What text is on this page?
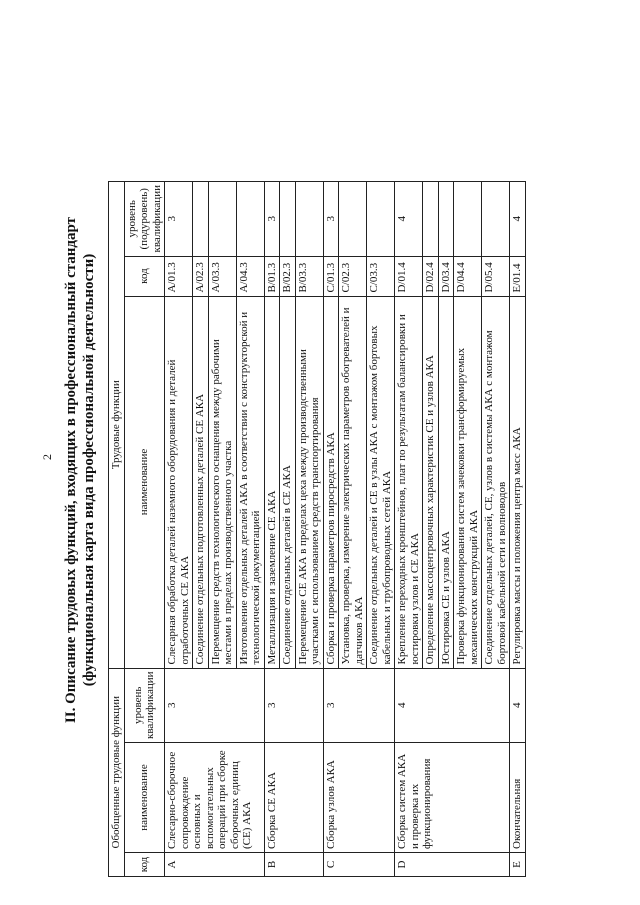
2 II. Описание трудовых функций, входящих в профессиональный стандарт (функциональная карта вида профессиональной деятельности)
Обобщенные трудовые функции			Трудовые функции		
код	наименование	уровень квалификации	наименование	код	уровень (подуровень) квалификации
A	Слесарно-сборочное сопровождение основных и вспомогательных операций при сборке сборочных единиц (СЕ) АКА	3	Слесарная обработка деталей наземного оборудования и деталей отработочных СЕ АКА	A/01.3	3
			Соединение отдельных подготовленных деталей СЕ АКА	A/02.3	
			Перемещение средств технологического оснащения между рабочими местами в пределах производственного участка	A/03.3	
			Изготовление отдельных деталей АКА в соответствии с конструкторской и технологической документацией	A/04.3	
B	Сборка СЕ АКА	3	Металлизация и заземление СЕ АКА	B/01.3	3
			Соединение отдельных деталей в СЕ АКА	B/02.3	
			Перемещение СЕ АКА в пределах цеха между производственными участками с использованием средств транспортирования	B/03.3	
C	Сборка узлов АКА	3	Сборка и проверка параметров пиросредств АКА	C/01.3	3
			Установка, проверка, измерение электрических параметров обогревателей и датчиков АКА	C/02.3	
			Соединение отдельных деталей и СЕ в узлы АКА с монтажом бортовых кабельных и трубопроводных сетей АКА	C/03.3	
D	Сборка систем АКА и проверка их функционирования	4	Крепление переходных кронштейнов, плат по результатам балансировки и юстировки узлов и СЕ АКА	D/01.4	4
			Определение массоцентровочных характеристик СЕ и узлов АКА	D/02.4	
			Юстировка СЕ и узлов АКА	D/03.4	
			Проверка функционирования систем зачековки трансформируемых механических конструкций АКА	D/04.4	
			Соединение отдельных деталей, СЕ, узлов в системы АКА с монтажом бортовой кабельной сети и волноводов	D/05.4	
E	Окончательная	4	Регулировка массы и положения центра масс АКА	E/01.4	4
